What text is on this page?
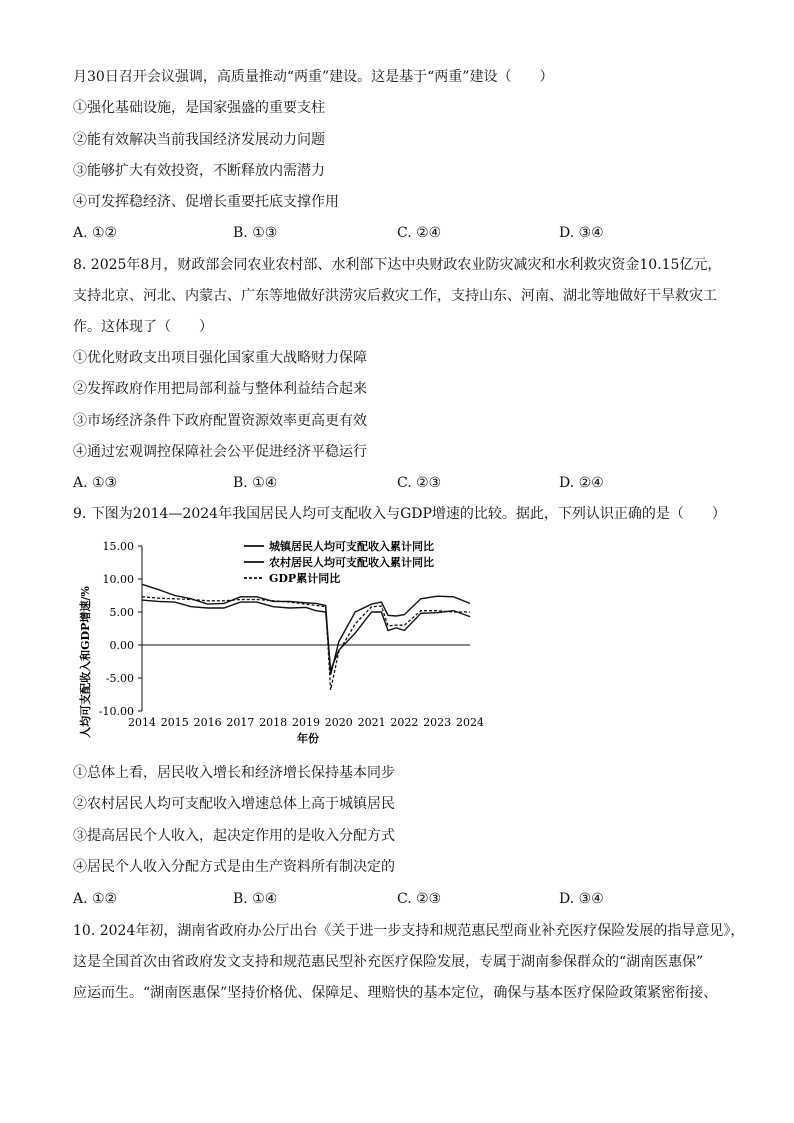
月30日召开会议强调，高质量推动“两重”建设。这是基于“两重”建设（　　）
①强化基础设施，是国家强盛的重要支柱
②能有效解决当前我国经济发展动力问题
③能够扩大有效投资，不断释放内需潜力
④可发挥稳经济、促增长重要托底支撑作用
A. ①②	B. ①③	C. ②④	D. ③④
8. 2025年8月，财政部会同农业农村部、水利部下达中央财政农业防灾减灾和水利救灾资金10.15亿元，
支持北京、河北、内蒙古、广东等地做好洪涝灾后救灾工作，支持山东、河南、湖北等地做好干旱救灾工
作。这体现了（　　）
①优化财政支出项目强化国家重大战略财力保障
②发挥政府作用把局部利益与整体利益结合起来
③市场经济条件下政府配置资源效率更高更有效
④通过宏观调控保障社会公平促进经济平稳运行
A. ①③	B. ①④	C. ②③	D. ②④
9. 下图为2014—2024年我国居民人均可支配收入与GDP增速的比较。据此，下列认识正确的是（　　）
人均可支配收入和GDP增速/%
年份
15.00
10.00
5.00
0.00
-5.00
-10.00
2014 2015 2016 2017 2018 2019 2020 2021 2022 2023 2024
城镇居民人均可支配收入累计同比
农村居民人均可支配收入累计同比
GDP累计同比
①总体上看，居民收入增长和经济增长保持基本同步
②农村居民人均可支配收入增速总体上高于城镇居民
③提高居民个人收入，起决定作用的是收入分配方式
④居民个人收入分配方式是由生产资料所有制决定的
A. ①②	B. ①④	C. ②③	D. ③④
10. 2024年初，湖南省政府办公厅出台《关于进一步支持和规范惠民型商业补充医疗保险发展的指导意见》，
这是全国首次由省政府发文支持和规范惠民型补充医疗保险发展，专属于湖南参保群众的“湖南医惠保”
应运而生。“湖南医惠保”坚持价格优、保障足、理赔快的基本定位，确保与基本医疗保险政策紧密衔接、
